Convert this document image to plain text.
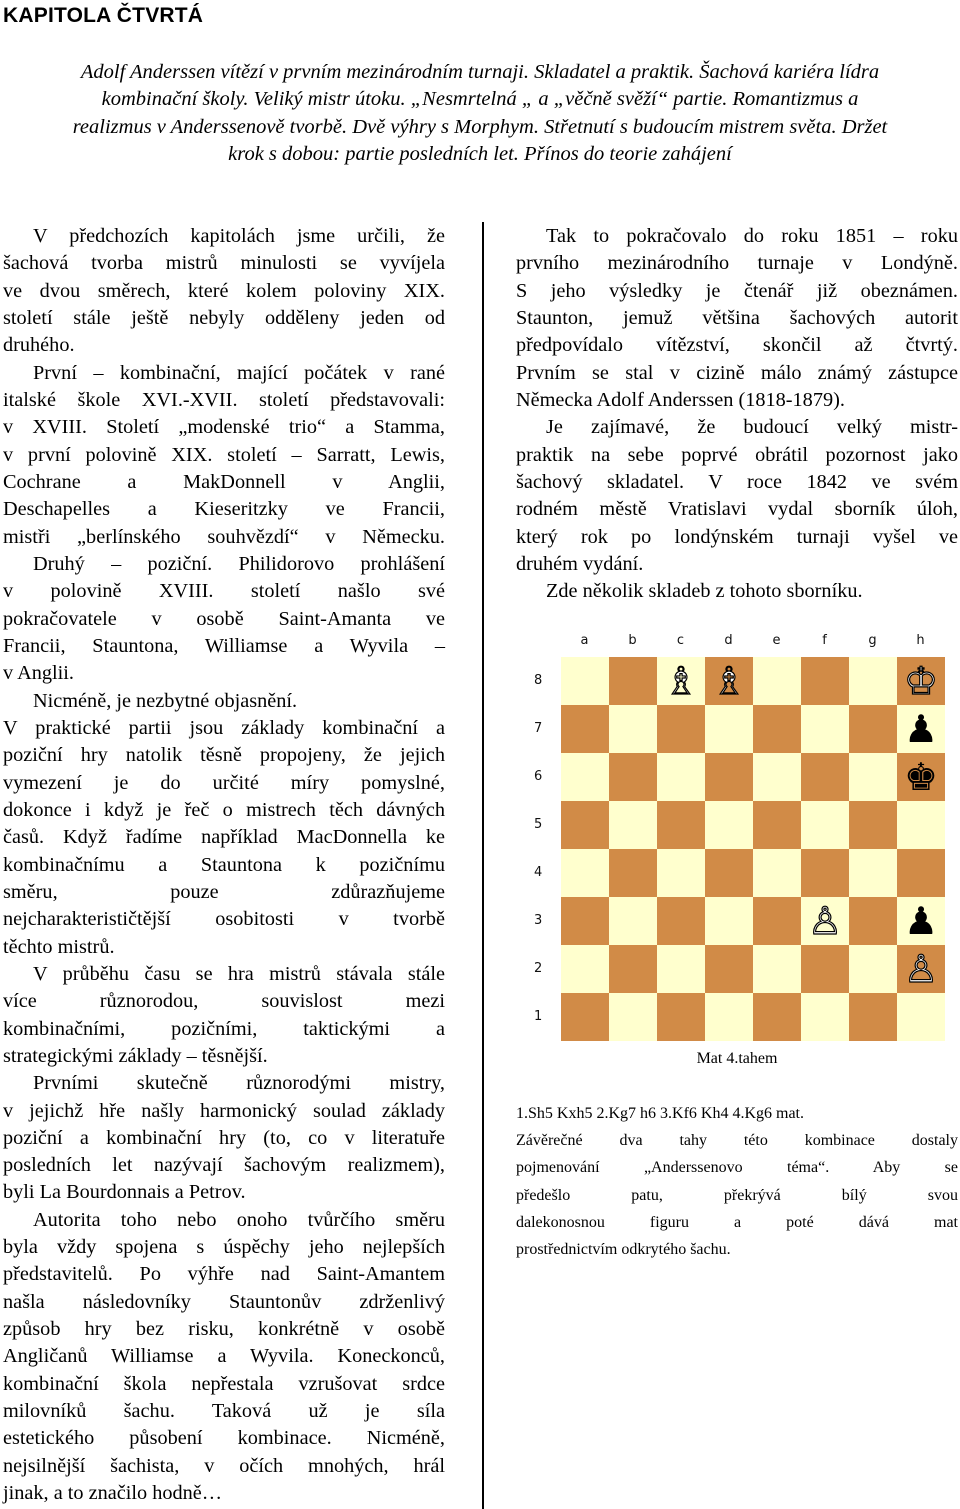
KAPITOLA ČTVRTÁ
Adolf Anderssen vítězí v prvním mezinárodním turnaji. Skladatel a praktik. Šachová kariéra lídra
kombinační školy. Veliký mistr útoku. „Nesmrtelná „ a „věčně svěží“ partie. Romantizmus a
realizmus v Anderssenově tvorbě. Dvě výhry s Morphym. Střetnutí s budoucím mistrem světa. Držet
krok s dobou: partie posledních let. Přínos do teorie zahájení
V předchozích kapitolách jsme určili, že
šachová tvorba mistrů minulosti se vyvíjela
ve dvou směrech, které kolem poloviny XIX.
století stále ještě nebyly odděleny jeden od
druhého.
První – kombinační, mající počátek v rané
italské škole XVI.-XVII. století představovali:
v XVIII. Století „modenské trio“ a Stamma,
v první polovině XIX. století – Sarratt, Lewis,
Cochrane a MakDonnell v Anglii,
Deschapelles a Kieseritzky ve Francii,
mistři „berlínského souhvězdí“ v Německu.
Druhý – poziční. Philidorovo prohlášení
v polovině XVIII. století našlo své
pokračovatele v osobě Saint-Amanta ve
Francii, Stauntona, Williamse a Wyvila –
v Anglii.
Nicméně, je nezbytné objasnění.
V praktické partii jsou základy kombinační a
poziční hry natolik těsně propojeny, že jejich
vymezení je do určité míry pomyslné,
dokonce i když je řeč o mistrech těch dávných
časů. Když řadíme například MacDonnella ke
kombinačnímu a Stauntona k pozičnímu
směru, pouze zdůrazňujeme
nejcharakterističtější osobitosti v tvorbě
těchto mistrů.
V průběhu času se hra mistrů stávala stále
více různorodou, souvislost mezi
kombinačními, pozičními, taktickými a
strategickými základy – těsnější.
Prvními skutečně různorodými mistry,
v jejichž hře našly harmonický soulad základy
poziční a kombinační hry (to, co v literatuře
posledních let nazývají šachovým realizmem),
byli La Bourdonnais a Petrov.
Autorita toho nebo onoho tvůrčího směru
byla vždy spojena s úspěchy jeho nejlepších
představitelů. Po výhře nad Saint-Amantem
našla následovníky Stauntonův zdrženlivý
způsob hry bez risku, konkrétně v osobě
Angličanů Williamse a Wyvila. Koneckonců,
kombinační škola nepřestala vzrušovat srdce
milovníků šachu. Taková už je síla
estetického působení kombinace. Nicméně,
nejsilnější šachista, v očích mnohých, hrál
jinak, a to značilo hodně…
Tak to pokračovalo do roku 1851 – roku
prvního mezinárodního turnaje v Londýně.
S jeho výsledky je čtenář již obeznámen.
Staunton, jemuž většina šachových autorit
předpovídalo vítězství, skončil až čtvrtý.
Prvním se stal v cizině málo známý zástupce
Německa Adolf Anderssen (1818-1879).
Je zajímavé, že budoucí velký mistr-
praktik na sebe poprvé obrátil pozornost jako
šachový skladatel. V roce 1842 ve svém
rodném městě Vratislavi vydal sborník úloh,
který rok po londýnském turnaji vyšel ve
druhém vydání.
Zde několik skladeb z tohoto sborníku.
a	b	c	d	e	f	g	h
8
7
6
5
4
3
2
1
♗ ♗	♔
♟
♚
♙ ♟
♙
Mat 4.tahem
1.Sh5 Kxh5 2.Kg7 h6 3.Kf6 Kh4 4.Kg6 mat.
Závěrečné dva tahy této kombinace dostaly
pojmenování „Anderssenovo téma“. Aby se
předešlo patu, překrývá bílý svou
dalekonosnou figuru a poté dává mat
prostřednictvím odkrytého šachu.
